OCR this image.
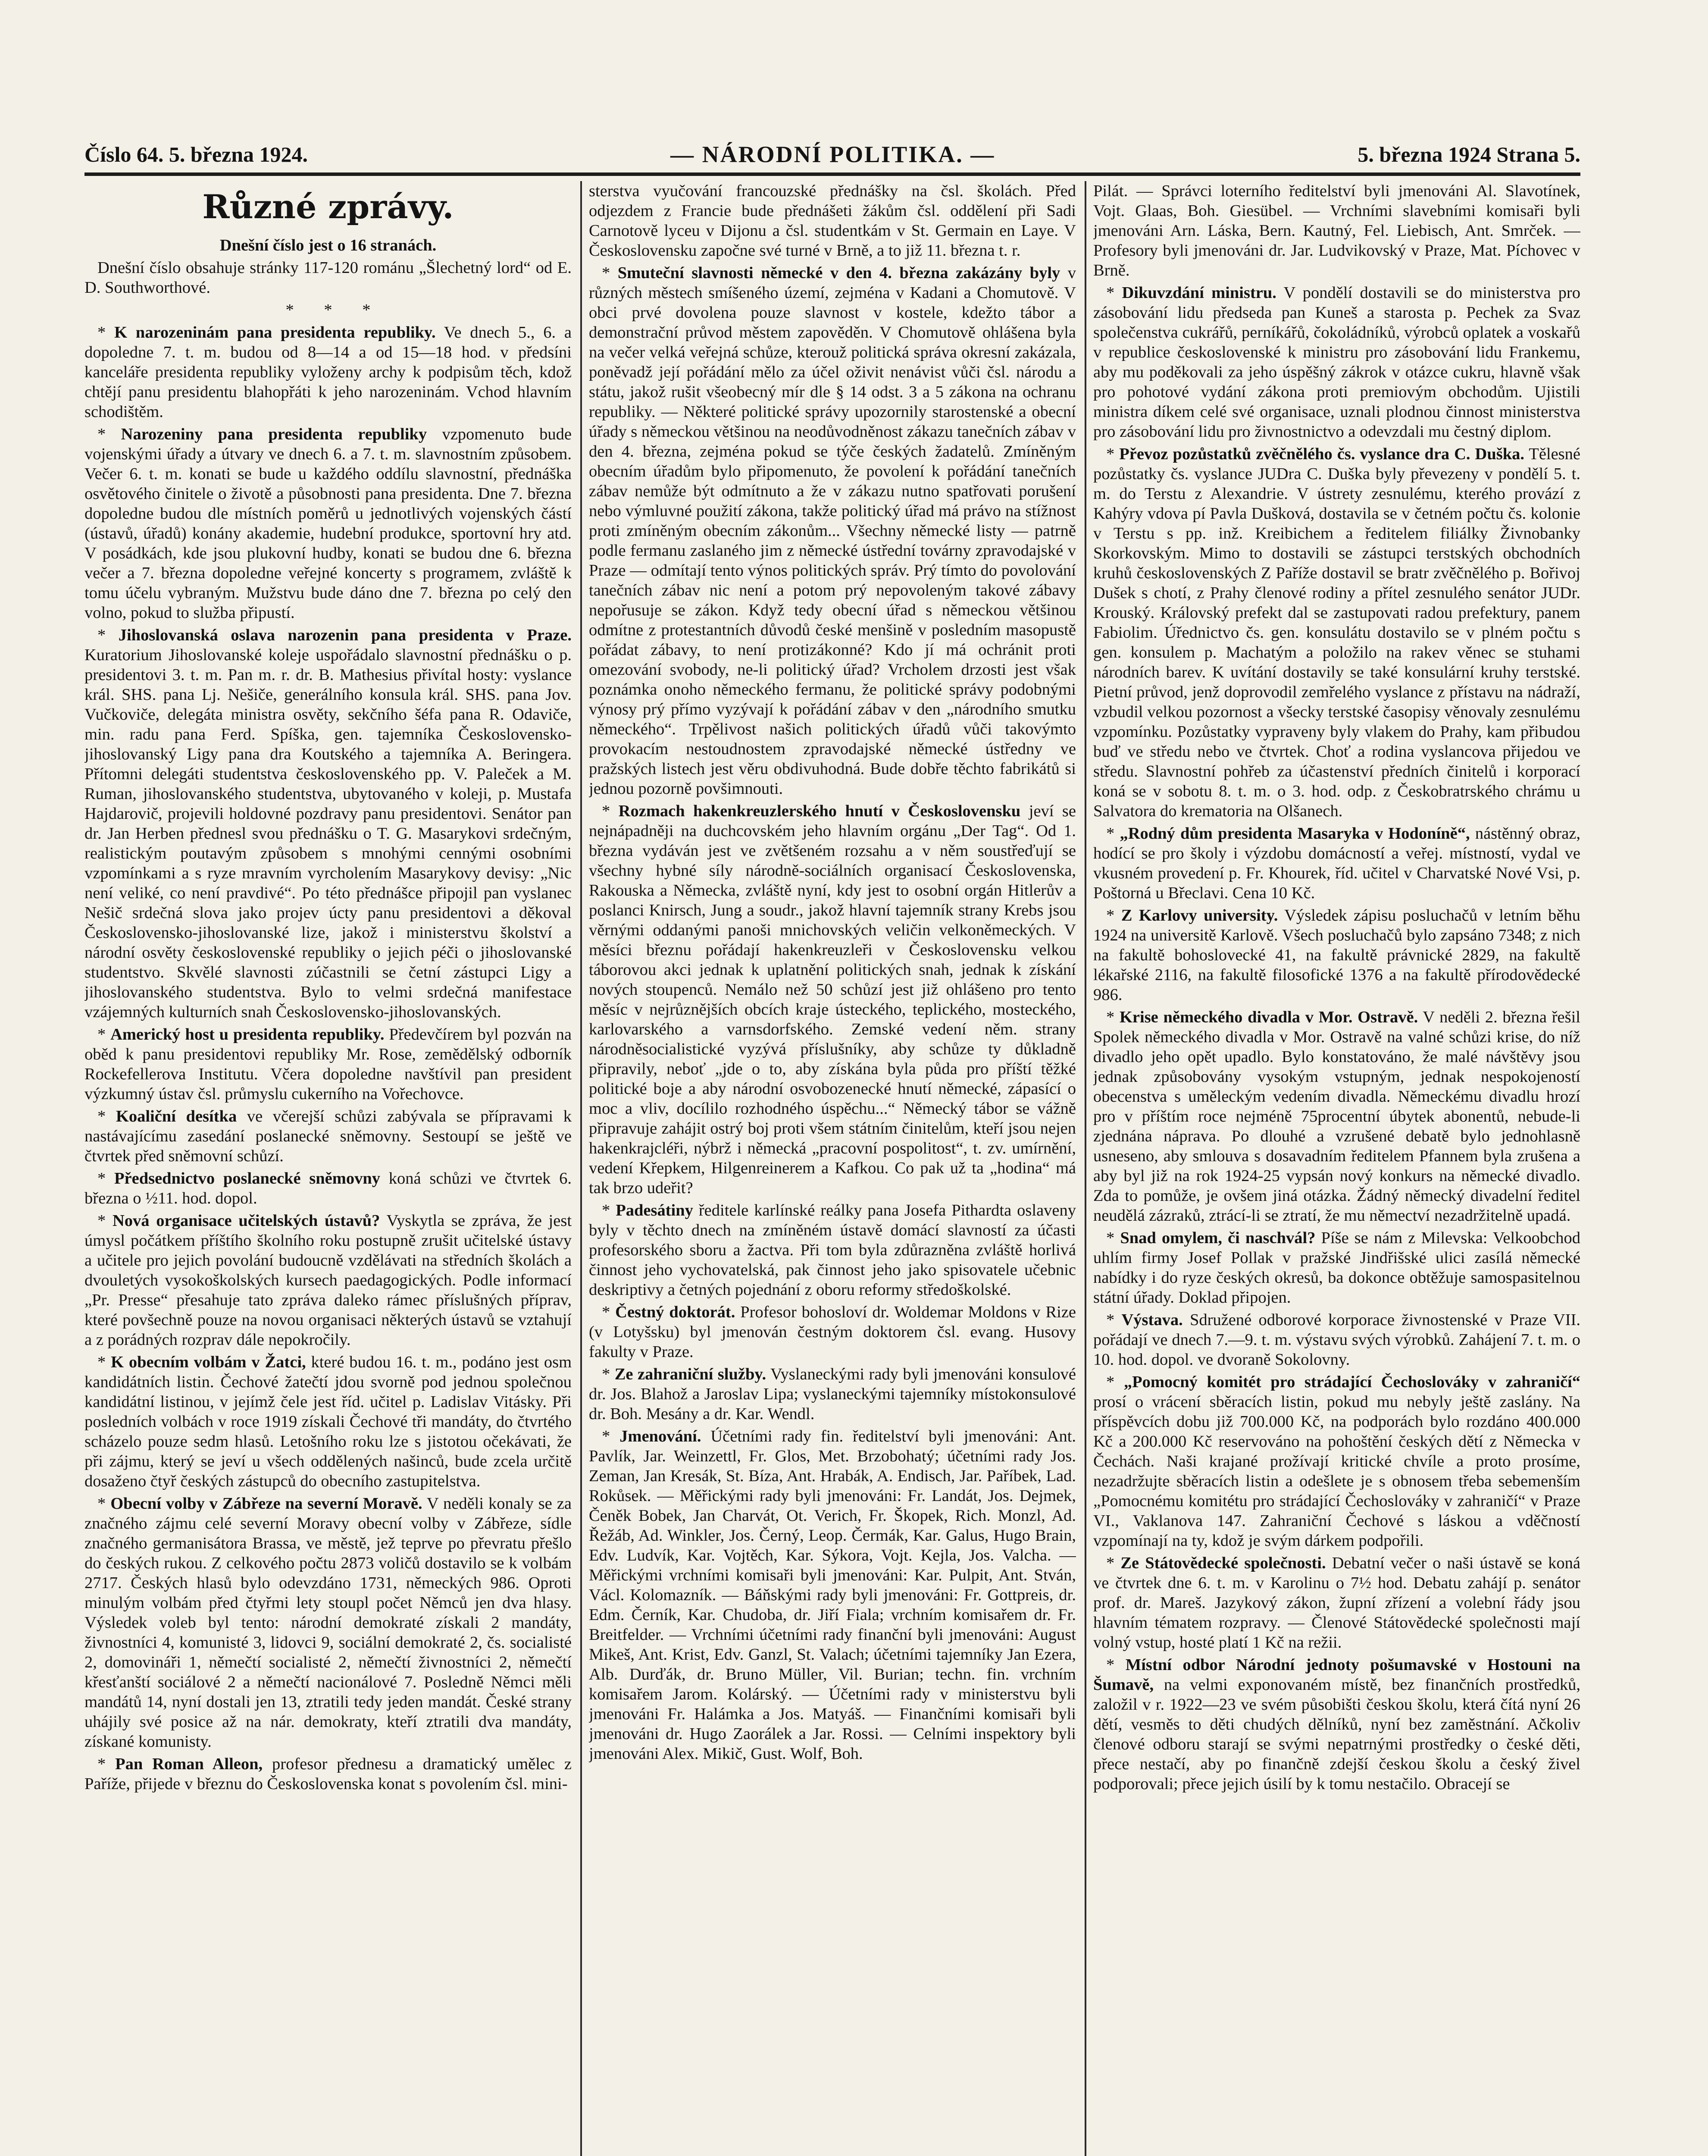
Číslo 64. 5. března 1924.	— NÁRODNÍ POLITIKA. —	5. března 1924 Strana 5.
Různé zprávy.

Dnešní číslo jest o 16 stranách.

Dnešní číslo obsahuje stránky 117-120 románu „Šlechetný lord“ od E. D. Southworthové.

* * *

* K narozeninám pana presidenta republiky. Ve dnech 5., 6. a dopoledne 7. t. m. budou od 8—14 a od 15—18 hod. v předsíni kanceláře presidenta republiky vyloženy archy k podpisům těch, kdož chtějí panu presidentu blahopřáti k jeho narozeninám. Vchod hlavním schodištěm.

* Narozeniny pana presidenta republiky vzpomenuto bude vojenskými úřady a útvary ve dnech 6. a 7. t. m. slavnostním způsobem. Večer 6. t. m. konati se bude u každého oddílu slavnostní, přednáška osvětového činitele o životě a působnosti pana presidenta. Dne 7. března dopoledne budou dle místních poměrů u jednotlivých vojenských částí (ústavů, úřadů) konány akademie, hudební produkce, sportovní hry atd. V posádkách, kde jsou plukovní hudby, konati se budou dne 6. března večer a 7. března dopoledne veřejné koncerty s programem, zvláště k tomu účelu vybraným. Mužstvu bude dáno dne 7. března po celý den volno, pokud to služba připustí.

* Jihoslovanská oslava narozenin pana presidenta v Praze. Kuratorium Jihoslovanské koleje uspořádalo slavnostní přednášku o p. presidentovi 3. t. m. Pan m. r. dr. B. Mathesius přivítal hosty: vyslance král. SHS. pana Lj. Nešiče, generálního konsula král. SHS. pana Jov. Vučkoviče, delegáta ministra osvěty, sekčního šéfa pana R. Odaviče, min. radu pana Ferd. Spíška, gen. tajemníka Československo-jihoslovanský Ligy pana dra Koutského a tajemníka A. Beringera. Přítomni delegáti studentstva československého pp. V. Paleček a M. Ruman, jihoslovanského studentstva, ubytovaného v koleji, p. Mustafa Hajdarovič, projevili holdovné pozdravy panu presidentovi. Senátor pan dr. Jan Herben přednesl svou přednášku o T. G. Masarykovi srdečným, realistickým poutavým způsobem s mnohými cennými osobními vzpomínkami a s ryze mravním vyrcholením Masarykovy devisy: „Nic není veliké, co není pravdivé“. Po této přednášce připojil pan vyslanec Nešič srdečná slova jako projev úcty panu presidentovi a děkoval Československo-jihoslovanské lize, jakož i ministerstvu školství a národní osvěty československé republiky o jejich péči o jihoslovanské studentstvo. Skvělé slavnosti zúčastnili se četní zástupci Ligy a jihoslovanského studentstva. Bylo to velmi srdečná manifestace vzájemných kulturních snah Československo-jihoslovanských.

* Americký host u presidenta republiky. Předevčírem byl pozván na oběd k panu presidentovi republiky Mr. Rose, zemědělský odborník Rockefellerova Institutu. Včera dopoledne navštívil pan president výzkumný ústav čsl. průmyslu cukerního na Vořechovce.

* Koaliční desítka ve včerejší schůzi zabývala se přípravami k nastávajícímu zasedání poslanecké sněmovny. Sestoupí se ještě ve čtvrtek před sněmovní schůzí.

* Předsednictvo poslanecké sněmovny koná schůzi ve čtvrtek 6. března o ½11. hod. dopol.

* Nová organisace učitelských ústavů? Vyskytla se zpráva, že jest úmysl počátkem příštího školního roku postupně zrušit učitelské ústavy a učitele pro jejich povolání budoucně vzdělávati na středních školách a dvouletých vysokoškolských kursech paedagogických. Podle informací „Pr. Presse“ přesahuje tato zpráva daleko rámec příslušných příprav, které povšechně pouze na novou organisaci některých ústavů se vztahují a z porádných rozprav dále nepokročily.

* K obecním volbám v Žatci, které budou 16. t. m., podáno jest osm kandidátních listin. Čechové žatečtí jdou svorně pod jednou společnou kandidátní listinou, v jejímž čele jest říd. učitel p. Ladislav Vitásky. Při posledních volbách v roce 1919 získali Čechové tři mandáty, do čtvrtého scházelo pouze sedm hlasů. Letošního roku lze s jistotou očekávati, že při zájmu, který se jeví u všech oddělených našinců, bude zcela určitě dosaženo čtyř českých zástupců do obecního zastupitelstva.

* Obecní volby v Zábřeze na severní Moravě. V neděli konaly se za značného zájmu celé severní Moravy obecní volby v Zábřeze, sídle značného germanisátora Brassa, ve městě, jež teprve po převratu přešlo do českých rukou. Z celkového počtu 2873 voličů dostavilo se k volbám 2717. Českých hlasů bylo odevzdáno 1731, německých 986. Oproti minulým volbám před čtyřmi lety stoupl počet Němců jen dva hlasy. Výsledek voleb byl tento: národní demokraté získali 2 mandáty, živnostníci 4, komunisté 3, lidovci 9, sociální demokraté 2, čs. socialisté 2, domovináři 1, němečtí socialisté 2, němečtí živnostníci 2, němečtí křesťanští sociálové 2 a němečtí nacionálové 7. Posledně Němci měli mandátů 14, nyní dostali jen 13, ztratili tedy jeden mandát. České strany uhájily své posice až na nár. demokraty, kteří ztratili dva mandáty, získané komunisty.

* Pan Roman Alleon, profesor přednesu a dramatický umělec z Paříže, přijede v březnu do Československa konat s povolením čsl. mini-

sterstva vyučování francouzské přednášky na čsl. školách. Před odjezdem z Francie bude přednášeti žákům čsl. oddělení při Sadi Carnotově lyceu v Dijonu a čsl. studentkám v St. Germain en Laye. V Československu započne své turné v Brně, a to již 11. března t. r.

* Smuteční slavnosti německé v den 4. března zakázány byly v různých městech smíšeného území, zejména v Kadani a Chomutově. V obci prvé dovolena pouze slavnost v kostele, kdežto tábor a demonstrační průvod městem zapověděn. V Chomutově ohlášena byla na večer velká veřejná schůze, kterouž politická správa okresní zakázala, poněvadž její pořádání mělo za účel oživit nenávist vůči čsl. národu a státu, jakož rušit všeobecný mír dle § 14 odst. 3 a 5 zákona na ochranu republiky. — Některé politické správy upozornily starostenské a obecní úřady s německou většinou na neodůvodněnost zákazu tanečních zábav v den 4. března, zejména pokud se týče českých žadatelů. Zmíněným obecním úřadům bylo připomenuto, že povolení k pořádání tanečních zábav nemůže být odmítnuto a že v zákazu nutno spatřovati porušení nebo výmluvné použití zákona, takže politický úřad má právo na stížnost proti zmíněným obecním zákonům... Všechny německé listy — patrně podle fermanu zaslaného jim z německé ústřední továrny zpravodajské v Praze — odmítají tento výnos politických správ. Prý tímto do povolování tanečních zábav nic není a potom prý nepovoleným takové zábavy nepořusuje se zákon. Když tedy obecní úřad s německou většinou odmítne z protestantních důvodů české menšině v posledním masopustě pořádat zábavy, to není protizákonné? Kdo jí má ochránit proti omezování svobody, ne-li politický úřad? Vrcholem drzosti jest však poznámka onoho německého fermanu, že politické správy podobnými výnosy prý přímo vyzývají k pořádání zábav v den „národního smutku německého“. Trpělivost našich politických úřadů vůči takovýmto provokacím nestoudnostem zpravodajské německé ústředny ve pražských listech jest věru obdivuhodná. Bude dobře těchto fabrikátů si jednou pozorně povšimnouti.

* Rozmach hakenkreuzlerského hnutí v Československu jeví se nejnápadněji na duchcovském jeho hlavním orgánu „Der Tag“. Od 1. března vydáván jest ve zvětšeném rozsahu a v něm soustřeďují se všechny hybné síly národně-sociálních organisací Československa, Rakouska a Německa, zvláště nyní, kdy jest to osobní orgán Hitlerův a poslanci Knirsch, Jung a soudr., jakož hlavní tajemník strany Krebs jsou věrnými oddanými panoši mnichovských veličin velkoněmeckých. V měsíci březnu pořádají hakenkreuzleři v Československu velkou táborovou akci jednak k uplatnění politických snah, jednak k získání nových stoupenců. Nemálo než 50 schůzí jest již ohlášeno pro tento měsíc v nejrůznějších obcích kraje ústeckého, teplického, mosteckého, karlovarského a varnsdorfského. Zemské vedení něm. strany národněsocialistické vyzývá příslušníky, aby schůze ty důkladně připravily, neboť „jde o to, aby získána byla půda pro příští těžké politické boje a aby národní osvobozenecké hnutí německé, zápasící o moc a vliv, docílilo rozhodného úspěchu...“ Německý tábor se vážně připravuje zahájit ostrý boj proti všem státním činitelům, kteří jsou nejen hakenkrajcléři, nýbrž i německá „pracovní pospolitost“, t. zv. umírnění, vedení Křepkem, Hilgenreinerem a Kafkou. Co pak už ta „hodina“ má tak brzo udeřit?

* Padesátiny ředitele karlínské reálky pana Josefa Pithardta oslaveny byly v těchto dnech na zmíněném ústavě domácí slavností za účasti profesorského sboru a žactva. Při tom byla zdůrazněna zvláště horlivá činnost jeho vychovatelská, pak činnost jeho jako spisovatele učebnic deskriptivy a četných pojednání z oboru reformy středoškolské.

* Čestný doktorát. Profesor bohosloví dr. Woldemar Moldons v Rize (v Lotyšsku) byl jmenován čestným doktorem čsl. evang. Husovy fakulty v Praze.

* Ze zahraniční služby. Vyslaneckými rady byli jmenováni konsulové dr. Jos. Blahož a Jaroslav Lipa; vyslaneckými tajemníky místokonsulové dr. Boh. Mesány a dr. Kar. Wendl.

* Jmenování. Účetními rady fin. ředitelství byli jmenováni: Ant. Pavlík, Jar. Weinzettl, Fr. Glos, Met. Brzobohatý; účetními rady Jos. Zeman, Jan Kresák, St. Bíza, Ant. Hrabák, A. Endisch, Jar. Paříbek, Lad. Rokůsek. — Měřickými rady byli jmenováni: Fr. Landát, Jos. Dejmek, Čeněk Bobek, Jan Charvát, Ot. Verich, Fr. Škopek, Rich. Monzl, Ad. Řežáb, Ad. Winkler, Jos. Černý, Leop. Čermák, Kar. Galus, Hugo Brain, Edv. Ludvík, Kar. Vojtěch, Kar. Sýkora, Vojt. Kejla, Jos. Valcha. — Měřickými vrchními komisaři byli jmenováni: Kar. Pulpit, Ant. Stván, Václ. Kolomazník. — Báňskými rady byli jmenováni: Fr. Gottpreis, dr. Edm. Černík, Kar. Chudoba, dr. Jiří Fiala; vrchním komisařem dr. Fr. Breitfelder. — Vrchními účetními rady finanční byli jmenováni: August Mikeš, Ant. Krist, Edv. Ganzl, St. Valach; účetními tajemníky Jan Ezera, Alb. Durďák, dr. Bruno Müller, Vil. Burian; techn. fin. vrchním komisařem Jarom. Kolárský. — Účetními rady v ministerstvu byli jmenováni Fr. Halámka a Jos. Matyáš. — Finančními komisaři byli jmenováni dr. Hugo Zaorálek a Jar. Rossi. — Celními inspektory byli jmenováni Alex. Mikič, Gust. Wolf, Boh.

Pilát. — Správci loterního ředitelství byli jmenováni Al. Slavotínek, Vojt. Glaas, Boh. Giesübel. — Vrchními slavebními komisaři byli jmenováni Arn. Láska, Bern. Kautný, Fel. Liebisch, Ant. Smrček. — Profesory byli jmenováni dr. Jar. Ludvikovský v Praze, Mat. Píchovec v Brně.

* Dikuvzdání ministru. V pondělí dostavili se do ministerstva pro zásobování lidu předseda pan Kuneš a starosta p. Pechek za Svaz společenstva cukrářů, perníkářů, čokoládníků, výrobců oplatek a voskařů v republice československé k ministru pro zásobování lidu Frankemu, aby mu poděkovali za jeho úspěšný zákrok v otázce cukru, hlavně však pro pohotové vydání zákona proti premiovým obchodům. Ujistili ministra díkem celé své organisace, uznali plodnou činnost ministerstva pro zásobování lidu pro živnostnictvo a odevzdali mu čestný diplom.

* Převoz pozůstatků zvěčnělého čs. vyslance dra C. Duška. Tělesné pozůstatky čs. vyslance JUDra C. Duška byly převezeny v pondělí 5. t. m. do Terstu z Alexandrie. V ústrety zesnulému, kterého provází z Kahýry vdova pí Pavla Dušková, dostavila se v četném počtu čs. kolonie v Terstu s pp. inž. Kreibichem a ředitelem filiálky Živnobanky Skorkovským. Mimo to dostavili se zástupci terstských obchodních kruhů československých Z Paříže dostavil se bratr zvěčnělého p. Bořivoj Dušek s chotí, z Prahy členové rodiny a přítel zesnulého senátor JUDr. Krouský. Královský prefekt dal se zastupovati radou prefektury, panem Fabiolim. Úřednictvo čs. gen. konsulátu dostavilo se v plném počtu s gen. konsulem p. Machatým a položilo na rakev věnec se stuhami národních barev. K uvítání dostavily se také konsulární kruhy terstské. Pietní průvod, jenž doprovodil zemřelého vyslance z přístavu na nádraží, vzbudil velkou pozornost a všecky terstské časopisy věnovaly zesnulému vzpomínku. Pozůstatky vypraveny byly vlakem do Prahy, kam přibudou buď ve středu nebo ve čtvrtek. Choť a rodina vyslancova přijedou ve středu. Slavnostní pohřeb za účastenství předních činitelů i korporací koná se v sobotu 8. t. m. o 3. hod. odp. z Českobratrského chrámu u Salvatora do krematoria na Olšanech.

* „Rodný dům presidenta Masaryka v Hodoníně“, nástěnný obraz, hodící se pro školy i výzdobu domácností a veřej. místností, vydal ve vkusném provedení p. Fr. Khourek, říd. učitel v Charvatské Nové Vsi, p. Poštorná u Břeclavi. Cena 10 Kč.

* Z Karlovy university. Výsledek zápisu posluchačů v letním běhu 1924 na universitě Karlově. Všech posluchačů bylo zapsáno 7348; z nich na fakultě bohoslovecké 41, na fakultě právnické 2829, na fakultě lékařské 2116, na fakultě filosofické 1376 a na fakultě přírodovědecké 986.

* Krise německého divadla v Mor. Ostravě. V neděli 2. března řešil Spolek německého divadla v Mor. Ostravě na valné schůzi krise, do níž divadlo jeho opět upadlo. Bylo konstatováno, že malé návštěvy jsou jednak způsobovány vysokým vstupným, jednak nespokojeností obecenstva s uměleckým vedením divadla. Německému divadlu hrozí pro v příštím roce nejméně 75procentní úbytek abonentů, nebude-li zjednána náprava. Po dlouhé a vzrušené debatě bylo jednohlasně usneseno, aby smlouva s dosavadním ředitelem Pfannem byla zrušena a aby byl již na rok 1924-25 vypsán nový konkurs na německé divadlo. Zda to pomůže, je ovšem jiná otázka. Žádný německý divadelní ředitel neudělá zázraků, ztrácí-li se ztratí, že mu němectví nezadržitelně upadá.

* Snad omylem, či naschvál? Píše se nám z Milevska: Velkoobchod uhlím firmy Josef Pollak v pražské Jindřišské ulici zasílá německé nabídky i do ryze českých okresů, ba dokonce obtěžuje samospasitelnou státní úřady. Doklad připojen.

* Výstava. Sdružené odborové korporace živnostenské v Praze VII. pořádají ve dnech 7.—9. t. m. výstavu svých výrobků. Zahájení 7. t. m. o 10. hod. dopol. ve dvoraně Sokolovny.

* „Pomocný komitét pro strádající Čechoslováky v zahraničí“ prosí o vrácení sběracích listin, pokud mu nebyly ještě zaslány. Na příspěvcích dobu již 700.000 Kč, na podporách bylo rozdáno 400.000 Kč a 200.000 Kč reservováno na pohoštění českých dětí z Německa v Čechách. Naši krajané prožívají kritické chvíle a proto prosíme, nezadržujte sběracích listin a odešlete je s obnosem třeba sebemenším „Pomocnému komitétu pro strádající Čechoslováky v zahraničí“ v Praze VI., Vaklanova 147. Zahraniční Čechové s láskou a vděčností vzpomínají na ty, kdož je svým dárkem podpořili.

* Ze Státovědecké společnosti. Debatní večer o naši ústavě se koná ve čtvrtek dne 6. t. m. v Karolinu o 7½ hod. Debatu zahájí p. senátor prof. dr. Mareš. Jazykový zákon, župní zřízení a volební řády jsou hlavním tématem rozpravy. — Členové Státovědecké společnosti mají volný vstup, hosté platí 1 Kč na režii.

* Místní odbor Národní jednoty pošumavské v Hostouni na Šumavě, na velmi exponovaném místě, bez finančních prostředků, založil v r. 1922—23 ve svém působišti českou školu, která čítá nyní 26 dětí, vesměs to děti chudých dělníků, nyní bez zaměstnání. Ačkoliv členové odboru starají se svými nepatrnými prostředky o české děti, přece nestačí, aby po finančně zdejší českou školu a český živel podporovali; přece jejich úsilí by k tomu nestačilo. Obracejí se
